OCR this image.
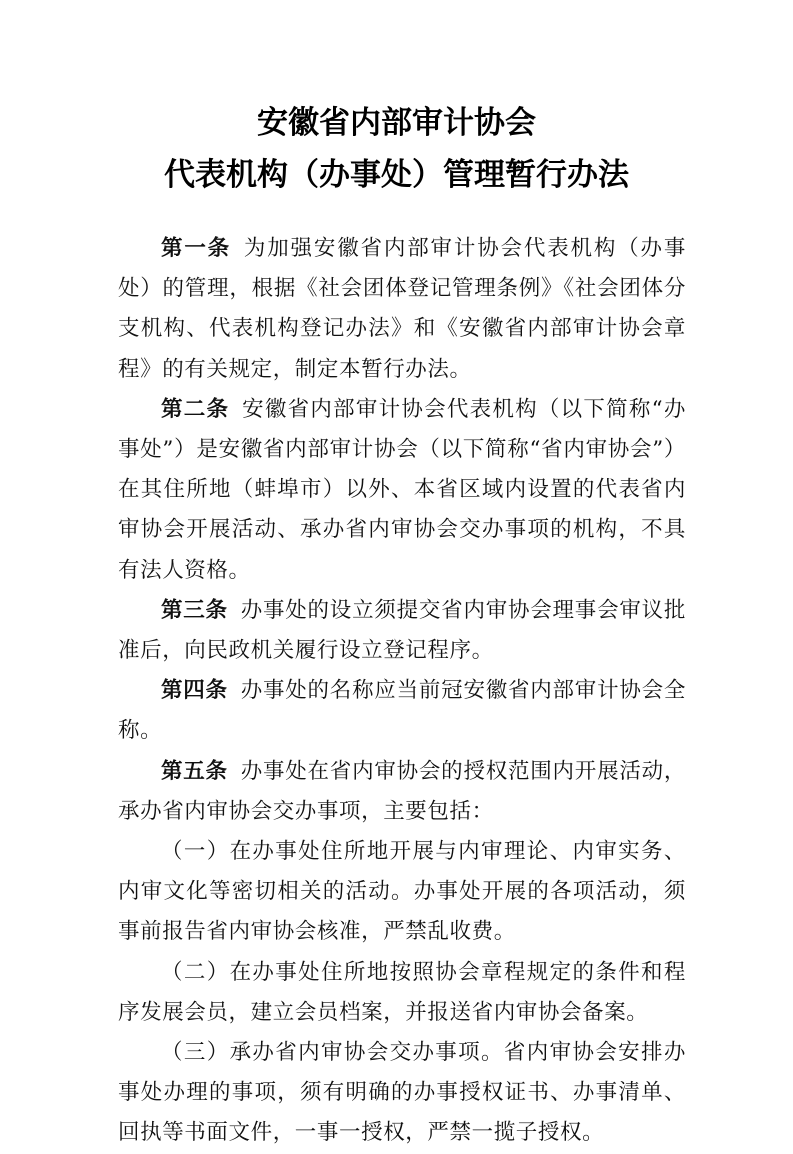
安徽省内部审计协会
代表机构（办事处）管理暂行办法

第一条 为加强安徽省内部审计协会代表机构（办事处）的管理，根据《社会团体登记管理条例》《社会团体分支机构、代表机构登记办法》和《安徽省内部审计协会章程》的有关规定，制定本暂行办法。

第二条 安徽省内部审计协会代表机构（以下简称“办事处”）是安徽省内部审计协会（以下简称“省内审协会”）在其住所地（蚌埠市）以外、本省区域内设置的代表省内审协会开展活动、承办省内审协会交办事项的机构，不具有法人资格。

第三条 办事处的设立须提交省内审协会理事会审议批准后，向民政机关履行设立登记程序。

第四条 办事处的名称应当前冠安徽省内部审计协会全称。

第五条 办事处在省内审协会的授权范围内开展活动，承办省内审协会交办事项，主要包括：

（一）在办事处住所地开展与内审理论、内审实务、内审文化等密切相关的活动。办事处开展的各项活动，须事前报告省内审协会核准，严禁乱收费。

（二）在办事处住所地按照协会章程规定的条件和程序发展会员，建立会员档案，并报送省内审协会备案。

（三）承办省内审协会交办事项。省内审协会安排办事处办理的事项，须有明确的办事授权证书、办事清单、回执等书面文件，一事一授权，严禁一揽子授权。
